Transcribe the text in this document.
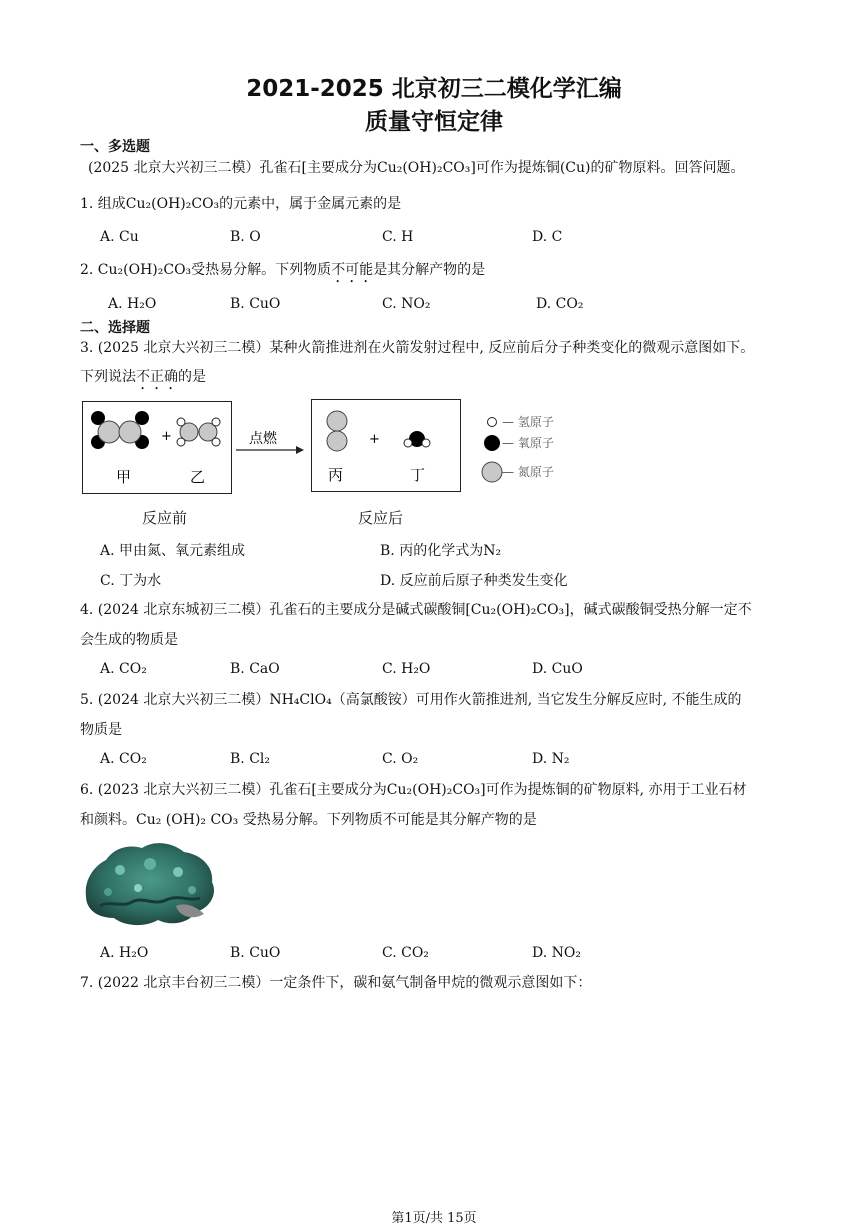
2021-2025 北京初三二模化学汇编
质量守恒定律
一、多选题
(2025 北京大兴初三二模）孔雀石[主要成分为Cu₂(OH)₂CO₃]可作为提炼铜(Cu)的矿物原料。回答问题。
1. 组成Cu₂(OH)₂CO₃的元素中，属于金属元素的是
A. Cu	B. O	C. H	D. C
2. Cu₂(OH)₂CO₃受热易分解。下列物质不可能是其分解产物的是
A. H₂O	B. CuO	C. NO₂	D. CO₂
二、选择题
3. (2025 北京大兴初三二模）某种火箭推进剂在火箭发射过程中, 反应前后分子种类变化的微观示意图如下。
下列说法不正确的是
+
甲	乙
点燃	+
丙	丁
— 氢原子
— 氧原子
— 氮原子
反应前	反应后
A. 甲由氮、氧元素组成	B. 丙的化学式为N₂
C. 丁为水	D. 反应前后原子种类发生变化
4. (2024 北京东城初三二模）孔雀石的主要成分是碱式碳酸铜[Cu₂(OH)₂CO₃]，碱式碳酸铜受热分解一定不
会生成的物质是
A. CO₂	B. CaO	C. H₂O	D. CuO
5. (2024 北京大兴初三二模）NH₄ClO₄（高氯酸铵）可用作火箭推进剂, 当它发生分解反应时, 不能生成的
物质是
A. CO₂	B. Cl₂	C. O₂	D. N₂
6. (2023 北京大兴初三二模）孔雀石[主要成分为Cu₂(OH)₂CO₃]可作为提炼铜的矿物原料, 亦用于工业石材
和颜料。Cu₂ (OH)₂ CO₃ 受热易分解。下列物质不可能是其分解产物的是
A. H₂O	B. CuO	C. CO₂	D. NO₂
7. (2022 北京丰台初三二模）一定条件下，碳和氨气制备甲烷的微观示意图如下：
第1页/共 15页
